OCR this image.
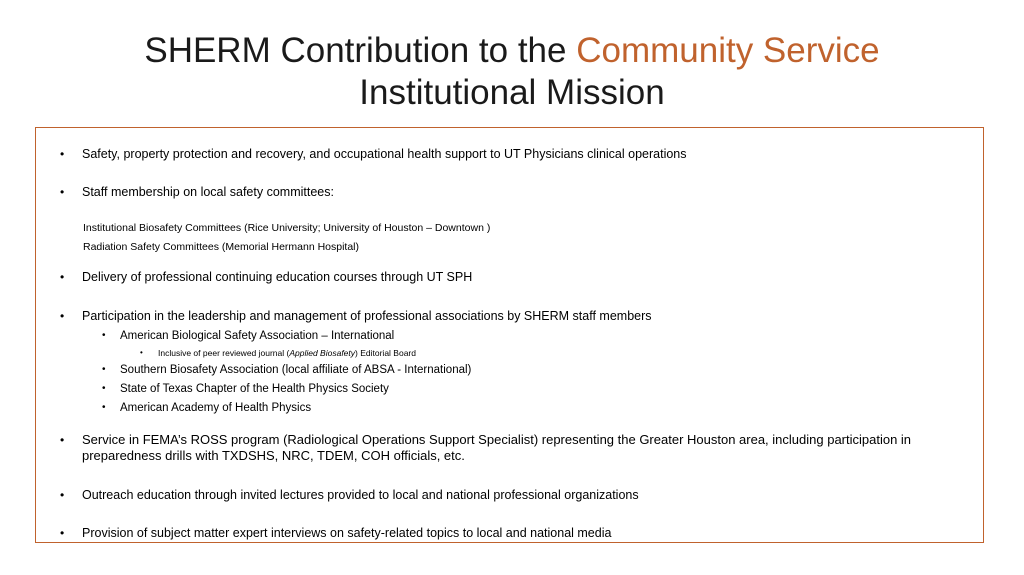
SHERM Contribution to the Community Service
Institutional Mission
• Safety, property protection and recovery, and occupational health support to UT Physicians clinical operations
• Staff membership on local safety committees:
Institutional Biosafety Committees (Rice University; University of Houston – Downtown )
Radiation Safety Committees (Memorial Hermann Hospital)
• Delivery of professional continuing education courses through UT SPH
• Participation in the leadership and management of professional associations by SHERM staff members
• American Biological Safety Association – International
• Inclusive of peer reviewed journal (Applied Biosafety) Editorial Board
• Southern Biosafety Association (local affiliate of ABSA - International)
• State of Texas Chapter of the Health Physics Society
• American Academy of Health Physics
• Service in FEMA’s ROSS program (Radiological Operations Support Specialist) representing the Greater Houston area, including participation in preparedness drills with TXDSHS, NRC, TDEM, COH officials, etc.
• Outreach education through invited lectures provided to local and national professional organizations
• Provision of subject matter expert interviews on safety-related topics to local and national media
